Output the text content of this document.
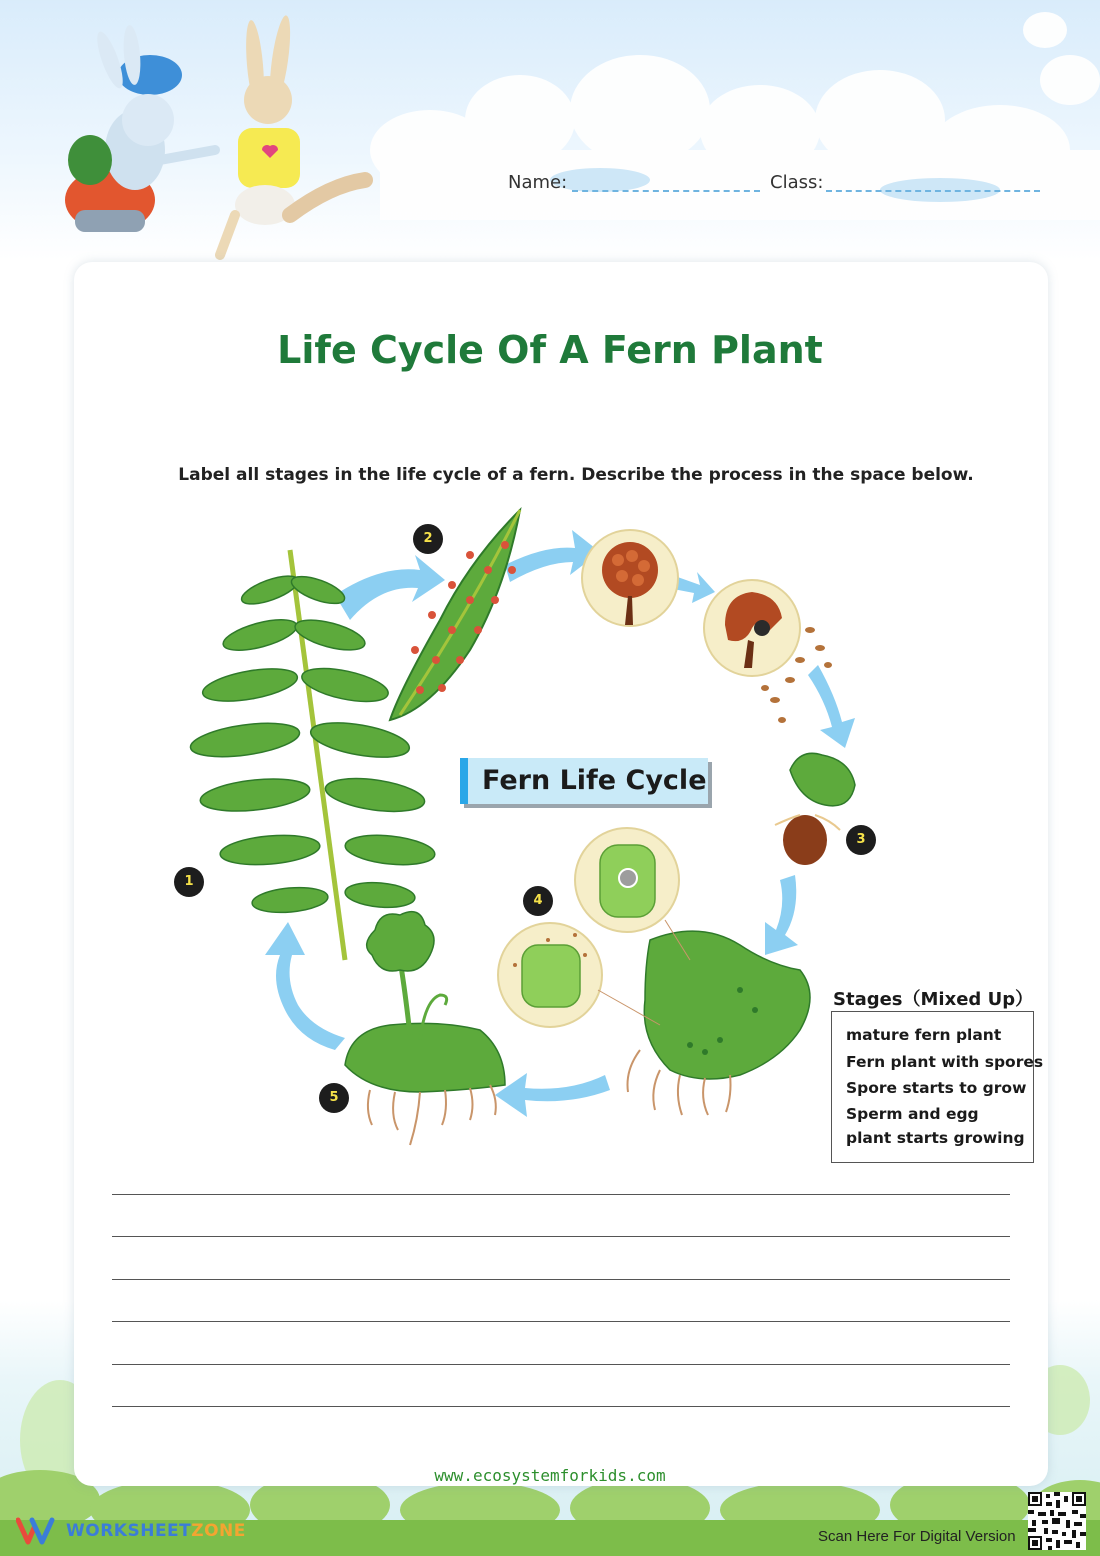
Name:	Class:
Life Cycle Of A Fern Plant
Label all stages in the life cycle of a fern. Describe the process in the space below.
Fern Life Cycle
1
2
3
4
5
Stages（Mixed Up）
mature fern plant
Fern plant with spores
Spore starts to grow
Sperm and egg
plant starts growing
www.ecosystemforkids.com
WORKSHEETZONE	Scan Here For Digital Version
